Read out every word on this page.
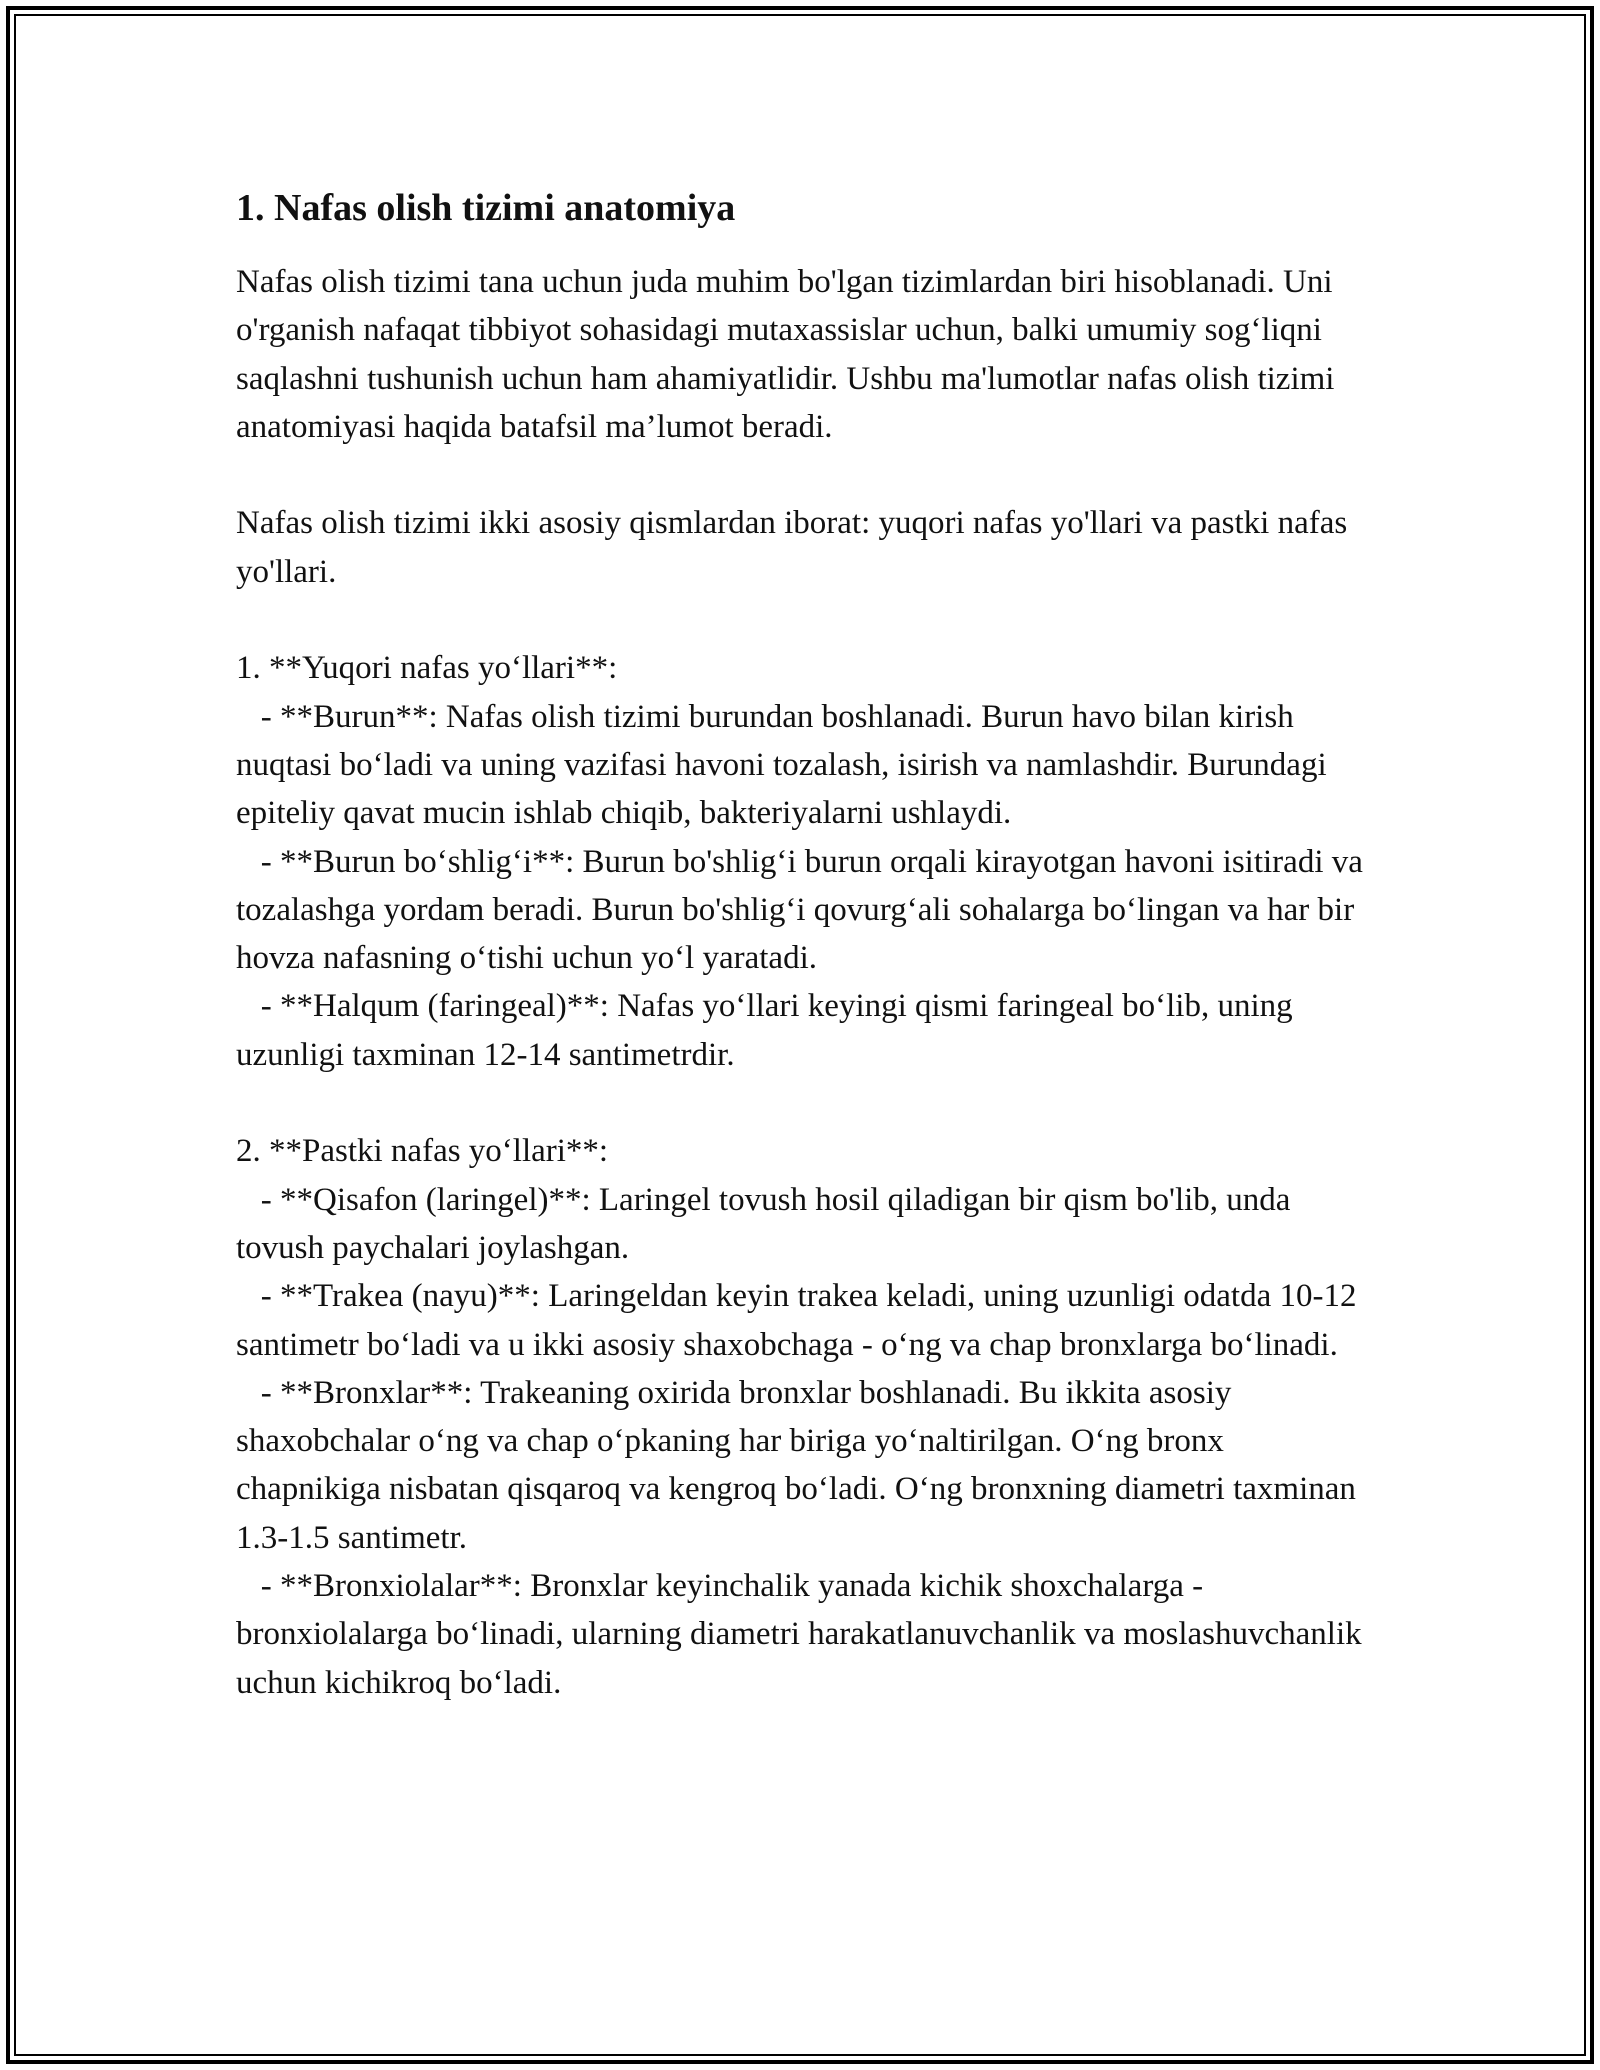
1. Nafas olish tizimi anatomiya

Nafas olish tizimi tana uchun juda muhim bo'lgan tizimlardan biri hisoblanadi. Uni o'rganish nafaqat tibbiyot sohasidagi mutaxassislar uchun, balki umumiy sog‘liqni saqlashni tushunish uchun ham ahamiyatlidir. Ushbu ma'lumotlar nafas olish tizimi anatomiyasi haqida batafsil ma’lumot beradi.

Nafas olish tizimi ikki asosiy qismlardan iborat: yuqori nafas yo'llari va pastki nafas yo'llari.

1. **Yuqori nafas yo‘llari**:

- **Burun**: Nafas olish tizimi burundan boshlanadi. Burun havo bilan kirish nuqtasi bo‘ladi va uning vazifasi havoni tozalash, isirish va namlashdir. Burundagi epiteliy qavat mucin ishlab chiqib, bakteriyalarni ushlaydi.

- **Burun bo‘shlig‘i**: Burun bo'shlig‘i burun orqali kirayotgan havoni isitiradi va tozalashga yordam beradi. Burun bo'shlig‘i qovurg‘ali sohalarga bo‘lingan va har bir hovza nafasning o‘tishi uchun yo‘l yaratadi.

- **Halqum (faringeal)**: Nafas yo‘llari keyingi qismi faringeal bo‘lib, uning uzunligi taxminan 12-14 santimetrdir.

2. **Pastki nafas yo‘llari**:

- **Qisafon (laringel)**: Laringel tovush hosil qiladigan bir qism bo'lib, unda tovush paychalari joylashgan.

- **Trakea (nayu)**: Laringeldan keyin trakea keladi, uning uzunligi odatda 10-12 santimetr bo‘ladi va u ikki asosiy shaxobchaga - o‘ng va chap bronxlarga bo‘linadi.

- **Bronxlar**: Trakeaning oxirida bronxlar boshlanadi. Bu ikkita asosiy shaxobchalar o‘ng va chap o‘pkaning har biriga yo‘naltirilgan. O‘ng bronx chapnikiga nisbatan qisqaroq va kengroq bo‘ladi. O‘ng bronxning diametri taxminan 1.3-1.5 santimetr.

- **Bronxiolalar**: Bronxlar keyinchalik yanada kichik shoxchalarga - bronxiolalarga bo‘linadi, ularning diametri harakatlanuvchanlik va moslashuvchanlik uchun kichikroq bo‘ladi.
